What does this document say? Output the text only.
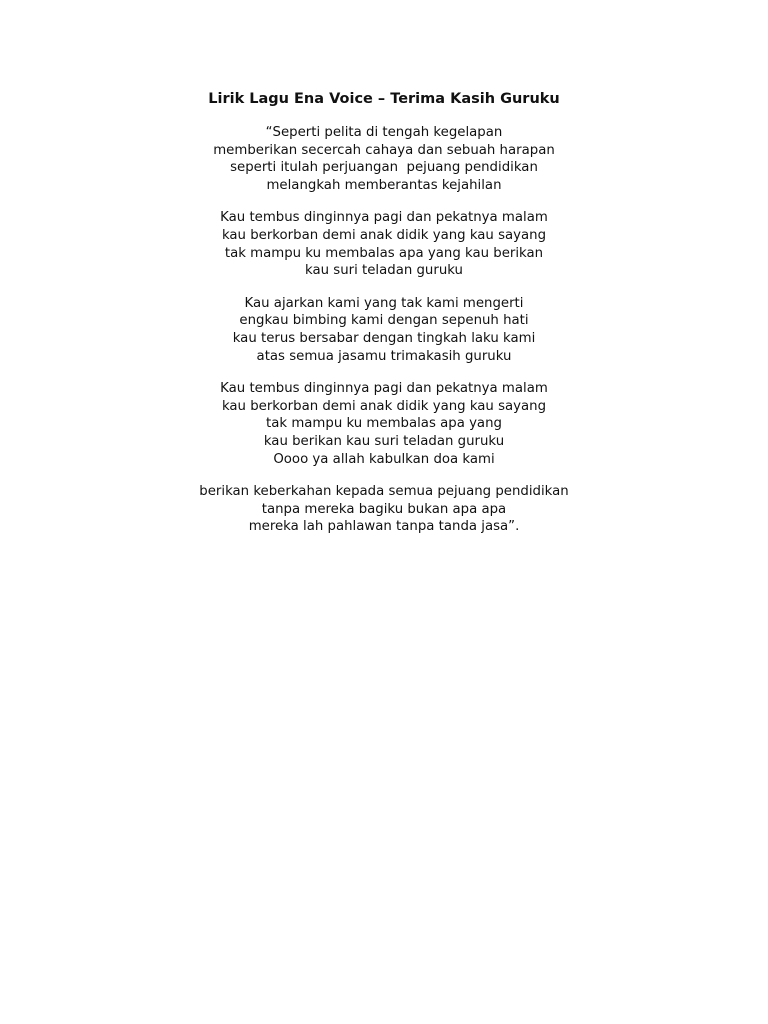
Lirik Lagu Ena Voice – Terima Kasih Guruku
“Seperti pelita di tengah kegelapan
memberikan secercah cahaya dan sebuah harapan
seperti itulah perjuangan  pejuang pendidikan
melangkah memberantas kejahilan
Kau tembus dinginnya pagi dan pekatnya malam
kau berkorban demi anak didik yang kau sayang
tak mampu ku membalas apa yang kau berikan
kau suri teladan guruku
Kau ajarkan kami yang tak kami mengerti
engkau bimbing kami dengan sepenuh hati
kau terus bersabar dengan tingkah laku kami
atas semua jasamu trimakasih guruku
Kau tembus dinginnya pagi dan pekatnya malam
kau berkorban demi anak didik yang kau sayang
tak mampu ku membalas apa yang
kau berikan kau suri teladan guruku
Oooo ya allah kabulkan doa kami
berikan keberkahan kepada semua pejuang pendidikan
tanpa mereka bagiku bukan apa apa
mereka lah pahlawan tanpa tanda jasa”.
